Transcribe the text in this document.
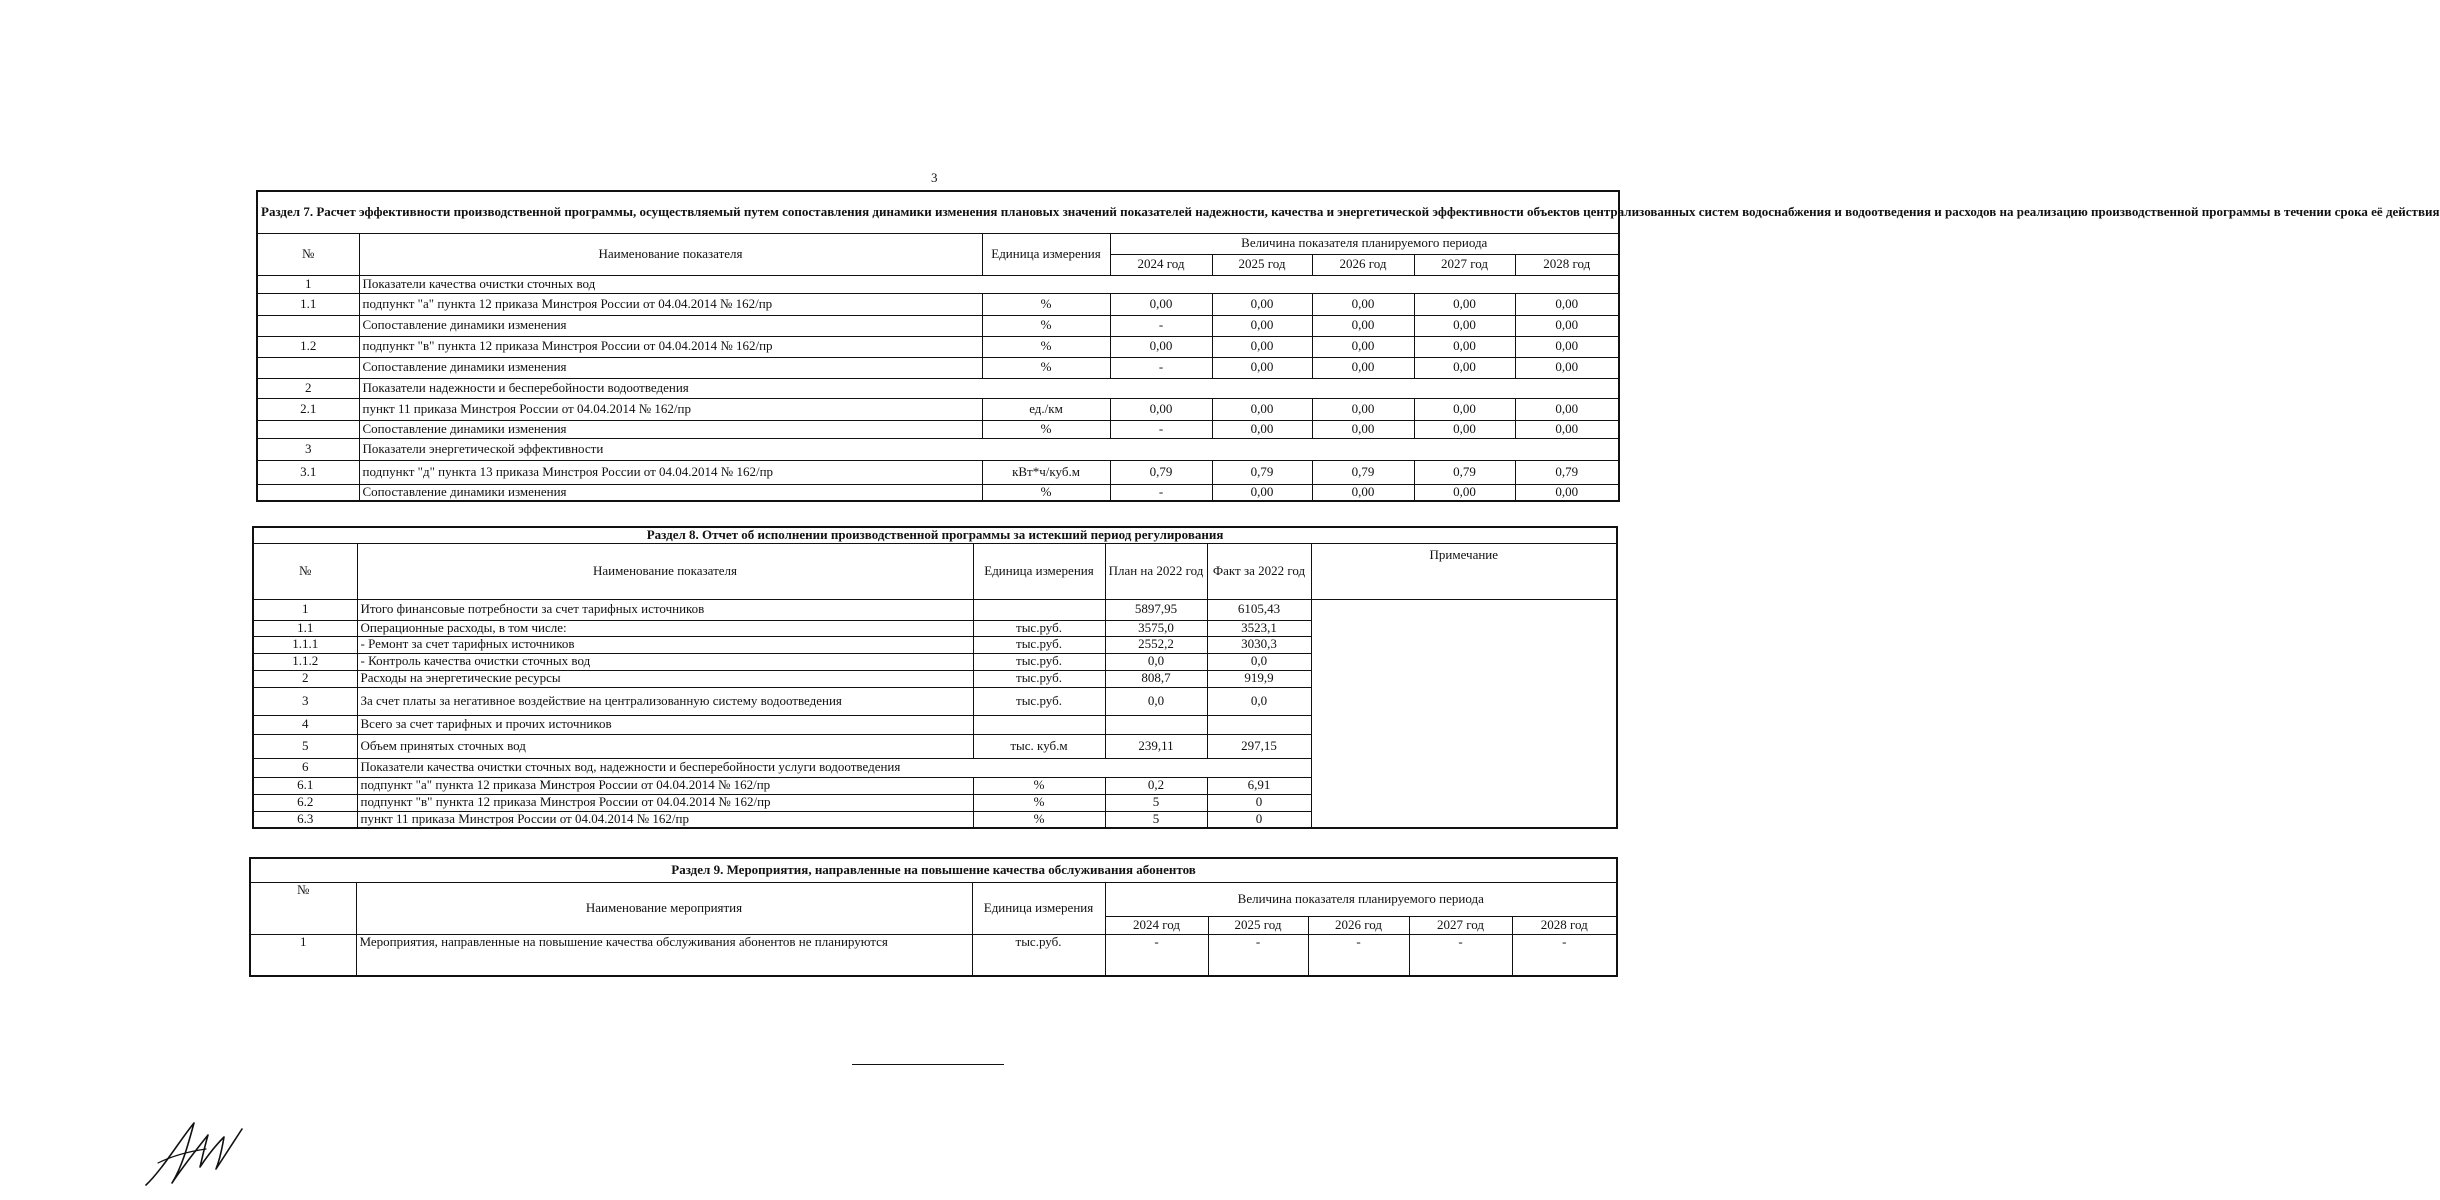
3
Раздел 7. Расчет эффективности производственной программы, осуществляемый путем сопоставления динамики изменения плановых значений показателей надежности, качества и энергетической эффективности объектов централизованных систем водоснабжения и водоотведения и расходов на реализацию производственной программы в течении срока её действия							
№	Наименование показателя	Единица измерения	Величина показателя планируемого периода				
			2024 год	2025 год	2026 год	2027 год	2028 год
1	Показатели качества очистки сточных вод						
1.1	подпункт "а" пункта 12 приказа Минстроя России от 04.04.2014 № 162/пр	%	0,00	0,00	0,00	0,00	0,00
	Сопоставление динамики изменения	%	-	0,00	0,00	0,00	0,00
1.2	подпункт "в" пункта 12 приказа Минстроя России от 04.04.2014 № 162/пр	%	0,00	0,00	0,00	0,00	0,00
	Сопоставление динамики изменения	%	-	0,00	0,00	0,00	0,00
2	Показатели надежности и бесперебойности водоотведения						
2.1	пункт 11 приказа Минстроя России от 04.04.2014 № 162/пр	ед./км	0,00	0,00	0,00	0,00	0,00
	Сопоставление динамики изменения	%	-	0,00	0,00	0,00	0,00
3	Показатели энергетической эффективности						
3.1	подпункт "д" пункта 13 приказа Минстроя России от 04.04.2014 № 162/пр	кВт*ч/куб.м	0,79	0,79	0,79	0,79	0,79
	Сопоставление динамики изменения	%	-	0,00	0,00	0,00	0,00
Раздел 8. Отчет об исполнении производственной программы за истекший период регулирования					
№	Наименование показателя	Единица измерения	План на 2022 год	Факт за 2022 год	Примечание
1	Итого финансовые потребности за счет тарифных источников		5897,95	6105,43	
1.1	Операционные расходы, в том числе:	тыс.руб.	3575,0	3523,1	
1.1.1	- Ремонт за счет тарифных источников	тыс.руб.	2552,2	3030,3	
1.1.2	- Контроль качества очистки сточных вод	тыс.руб.	0,0	0,0	
2	Расходы на энергетические ресурсы	тыс.руб.	808,7	919,9	
3	За счет платы за негативное воздействие на централизованную систему водоотведения	тыс.руб.	0,0	0,0	
4	Всего за счет тарифных и прочих источников				
5	Объем принятых сточных вод	тыс. куб.м	239,11	297,15	
6	Показатели качества очистки сточных вод, надежности и бесперебойности услуги водоотведения				
6.1	подпункт "а" пункта 12 приказа Минстроя России от 04.04.2014 № 162/пр	%	0,2	6,91	
6.2	подпункт "в" пункта 12 приказа Минстроя России от 04.04.2014 № 162/пр	%	5	0	
6.3	пункт 11 приказа Минстроя России от 04.04.2014 № 162/пр	%	5	0	
Раздел 9. Мероприятия, направленные на повышение качества обслуживания абонентов							
№	Наименование мероприятия	Единица измерения	Величина показателя планируемого периода				
			2024 год	2025 год	2026 год	2027 год	2028 год
1	Мероприятия, направленные на повышение качества обслуживания абонентов не планируются	тыс.руб.	-	-	-	-	-
